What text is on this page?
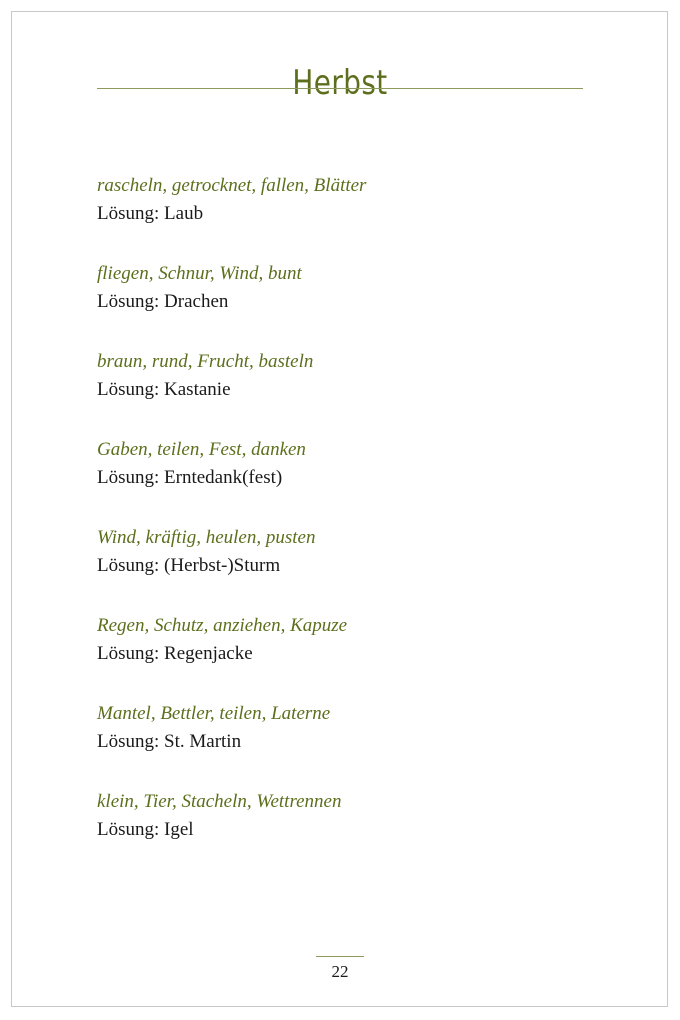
Herbst
rascheln, getrocknet, fallen, Blätter
Lösung: Laub
fliegen, Schnur, Wind, bunt
Lösung: Drachen
braun, rund, Frucht, basteln
Lösung: Kastanie
Gaben, teilen, Fest, danken
Lösung: Erntedank(fest)
Wind, kräftig, heulen, pusten
Lösung: (Herbst-)Sturm
Regen, Schutz, anziehen, Kapuze
Lösung: Regenjacke
Mantel, Bettler, teilen, Laterne
Lösung: St. Martin
klein, Tier, Stacheln, Wettrennen
Lösung: Igel
22
